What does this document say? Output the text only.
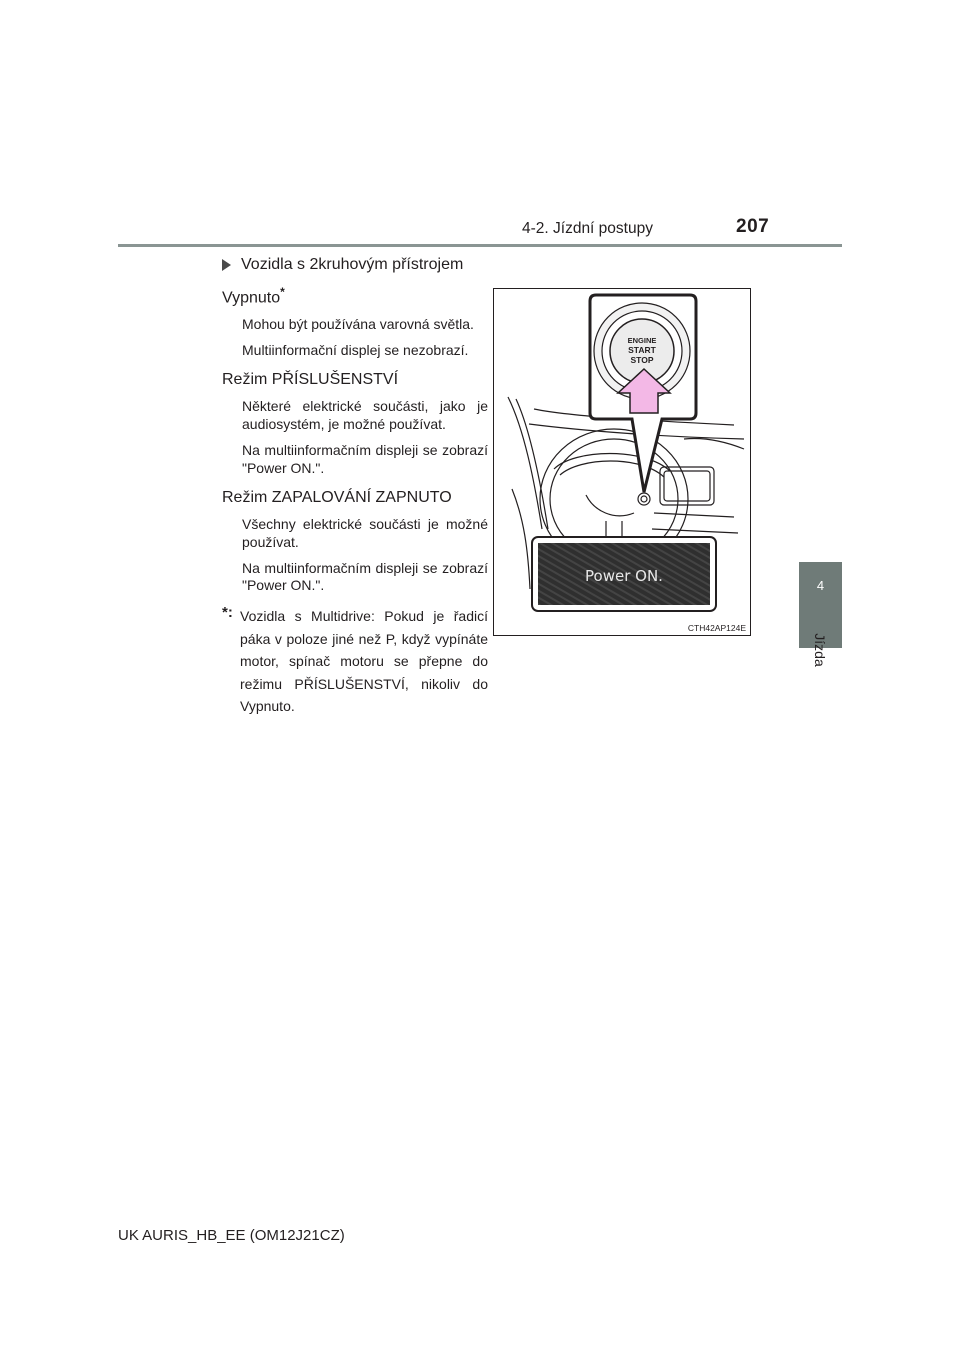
4-2. Jízdní postupy	207
4
Jízda
Vozidla s 2kruhovým přístrojem
Vypnuto*
Mohou být používána varovná světla.
Multiinformační displej se nezobrazí.
Režim PŘÍSLUŠENSTVÍ
Některé elektrické součásti, jako je audiosystém, je možné používat.
Na multiinformačním displeji se zobrazí "Power ON.".
Režim ZAPALOVÁNÍ ZAPNUTO
Všechny elektrické součásti je možné používat.
Na multiinformačním displeji se zobrazí "Power ON.".
*: Vozidla s Multidrive: Pokud je řadicí páka v poloze jiné než P, když vypínáte motor, spínač motoru se přepne do režimu PŘÍSLUŠENSTVÍ, nikoliv do Vypnuto.
ENGINE
START
STOP
Power ON.
CTH42AP124E
UK AURIS_HB_EE (OM12J21CZ)
